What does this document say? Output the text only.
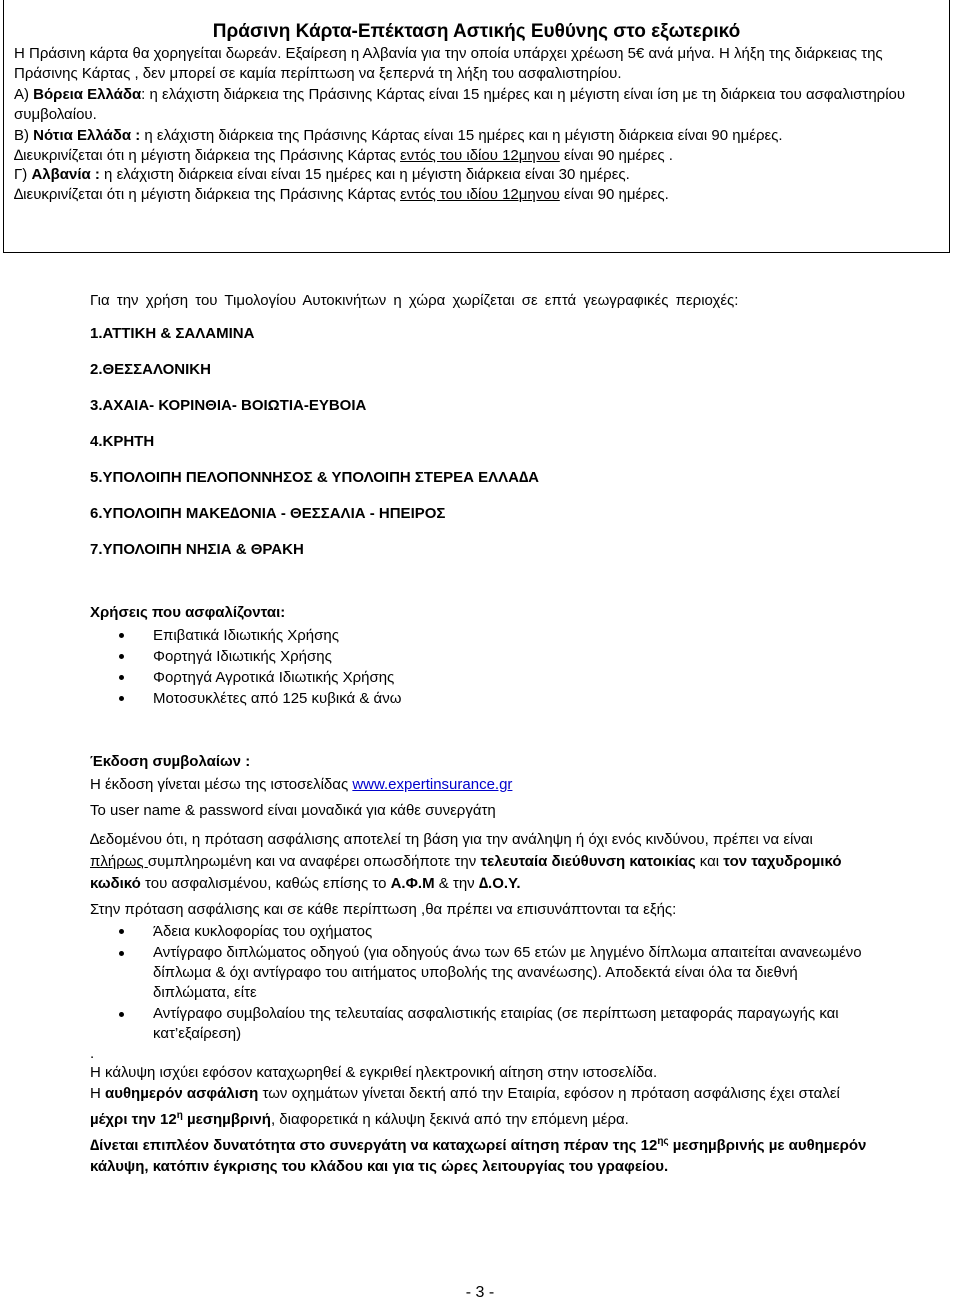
Πράσινη Κάρτα-Επέκταση Αστικής Ευθύνης στο εξωτερικό

Η Πράσινη κάρτα θα χορηγείται δωρεάν. Εξαίρεση η Αλβανία για την οποία υπάρχει χρέωση 5€ ανά μήνα. Η λήξη της διάρκειας της Πράσινης Κάρτας , δεν μπορεί σε καμία περίπτωση να ξεπερνά τη λήξη του ασφαλιστηρίου.

Α) Βόρεια Ελλάδα: η ελάχιστη διάρκεια της Πράσινης Κάρτας είναι 15 ημέρες και η μέγιστη είναι ίση με τη διάρκεια του ασφαλιστηρίου συμβολαίου.

Β) Νότια Ελλάδα : η ελάχιστη διάρκεια της Πράσινης Κάρτας είναι 15 ημέρες και η μέγιστη διάρκεια είναι 90 ημέρες.

∆ιευκρινίζεται ότι η μέγιστη διάρκεια της Πράσινης Κάρτας εντός του ιδίου 12μηνου είναι 90 ημέρες .

Γ) Αλβανία : η ελάχιστη διάρκεια είναι είναι 15 ημέρες και η μέγιστη διάρκεια είναι 30 ημέρες.

∆ιευκρινίζεται ότι η μέγιστη διάρκεια της Πράσινης Κάρτας εντός του ιδίου 12μηνου είναι 90 ημέρες.

Για την χρήση του Τιμολογίου Αυτοκινήτων η χώρα χωρίζεται σε επτά γεωγραφικές περιοχές:

1.ΑΤΤΙΚΗ & ΣΑΛΑΜΙΝΑ

2.ΘΕΣΣΑΛΟΝΙΚΗ

3.ΑΧΑΙΑ- ΚΟΡΙΝΘΙΑ- ΒΟΙΩΤΙΑ-ΕΥΒΟΙΑ

4.ΚΡΗΤΗ

5.ΥΠΟΛΟΙΠΗ ΠΕΛΟΠΟΝΝΗΣΟΣ & ΥΠΟΛΟΙΠΗ ΣΤΕΡΕΑ ΕΛΛΑ∆Α

6.ΥΠΟΛΟΙΠΗ ΜΑΚΕ∆ΟΝΙΑ - ΘΕΣΣΑΛΙΑ - ΗΠΕΙΡΟΣ

7.ΥΠΟΛΟΙΠΗ ΝΗΣΙΑ & ΘΡΑΚΗ

Χρήσεις που ασφαλίζονται:

Επιβατικά Ιδιωτικής Χρήσης
Φορτηγά Ιδιωτικής Χρήσης
Φορτηγά Αγροτικά Ιδιωτικής Χρήσης
Μοτοσυκλέτες από 125 κυβικά & άνω

Έκδοση συµβολαίων :

Η έκδοση γίνεται µέσω της ιστοσελίδας www.expertinsurance.gr

Το user name & password είναι µοναδικά για κάθε συνεργάτη

∆εδοµένου ότι, η πρόταση ασφάλισης αποτελεί τη βάση για την ανάληψη ή όχι ενός κινδύνου, πρέπει να είναι πλήρως συµπληρωµένη και να αναφέρει οπωσδήποτε την τελευταία διεύθυνση κατοικίας και τον ταχυδροµικό κωδικό του ασφαλισµένου, καθώς επίσης το Α.Φ.Μ & την ∆.Ο.Υ.

Στην πρόταση ασφάλισης και σε κάθε περίπτωση ,θα πρέπει να επισυνάπτονται τα εξής:

Άδεια κυκλοφορίας του οχήµατος
Αντίγραφο διπλώµατος οδηγού (για οδηγούς άνω των 65 ετών µε ληγµένο δίπλωµα απαιτείται ανανεωµένο δίπλωµα & όχι αντίγραφο του αιτήµατος υποβολής της ανανέωσης). Αποδεκτά είναι όλα τα διεθνή διπλώµατα, είτε
Αντίγραφο συµβολαίου της τελευταίας ασφαλιστικής εταιρίας (σε περίπτωση µεταφοράς παραγωγής και κατ’εξαίρεση)

.

Η κάλυψη ισχύει εφόσον καταχωρηθεί & εγκριθεί ηλεκτρονική αίτηση στην ιστοσελίδα.

Η αυθηµερόν ασφάλιση των οχηµάτων γίνεται δεκτή από την Εταιρία, εφόσον η πρόταση ασφάλισης έχει σταλεί µέχρι την $12^\eta$ µεσηµβρινή, διαφορετικά η κάλυψη ξεκινά από την επόµενη µέρα.

∆ίνεται επιπλέον δυνατότητα στο συνεργάτη να καταχωρεί αίτηση πέραν της $12^{\eta\varsigma}$ µεσηµβρινής µε αυθηµερόν κάλυψη, κατόπιν έγκρισης του κλάδου και για τις ώρες λειτουργίας του γραφείου.

- 3 -
